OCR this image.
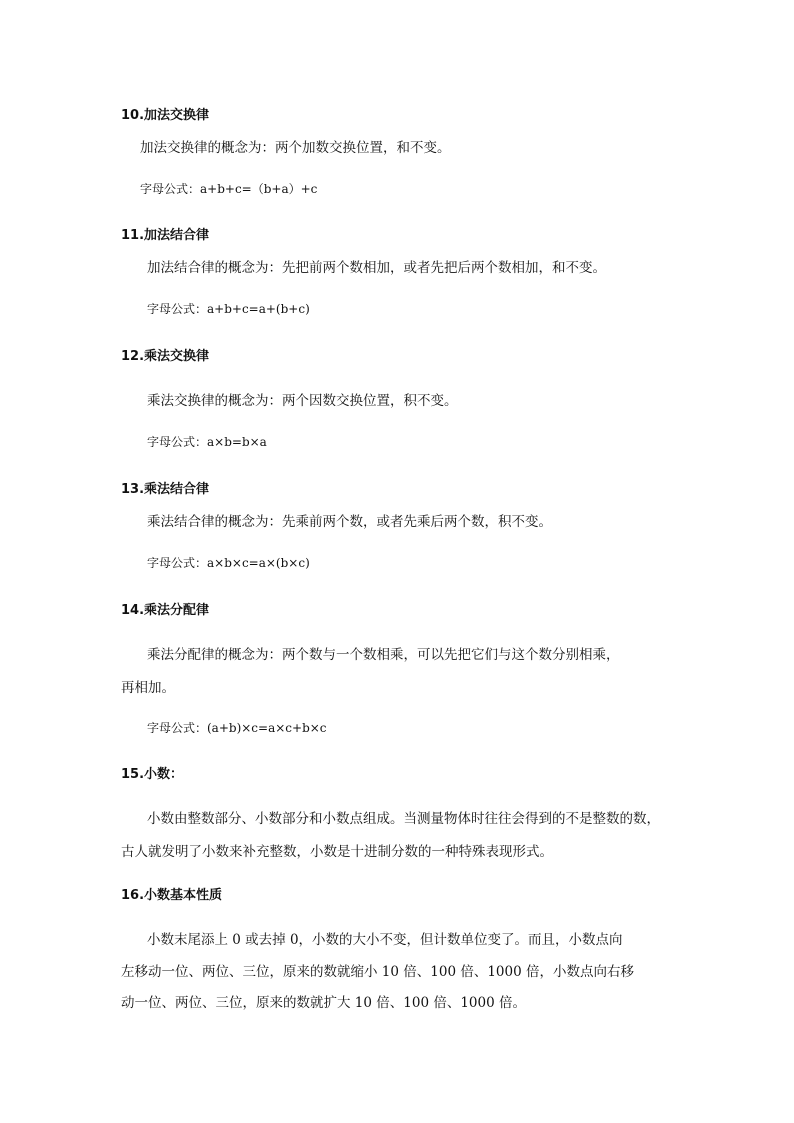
10.加法交换律
加法交换律的概念为：两个加数交换位置，和不变。
字母公式：a+b+c=（b+a）+c
11.加法结合律
加法结合律的概念为：先把前两个数相加，或者先把后两个数相加，和不变。
字母公式：a+b+c=a+(b+c)
12.乘法交换律
乘法交换律的概念为：两个因数交换位置，积不变。
字母公式：a×b=b×a
13.乘法结合律
乘法结合律的概念为：先乘前两个数，或者先乘后两个数，积不变。
字母公式：a×b×c=a×(b×c)
14.乘法分配律
乘法分配律的概念为：两个数与一个数相乘，可以先把它们与这个数分别相乘，
再相加。
字母公式：(a+b)×c=a×c+b×c
15.小数：
小数由整数部分、小数部分和小数点组成。当测量物体时往往会得到的不是整数的数，
古人就发明了小数来补充整数，小数是十进制分数的一种特殊表现形式。
16.小数基本性质
小数末尾添上 0 或去掉 0，小数的大小不变，但计数单位变了。而且，小数点向
左移动一位、两位、三位，原来的数就缩小 10 倍、100 倍、1000 倍，小数点向右移
动一位、两位、三位，原来的数就扩大 10 倍、100 倍、1000 倍。
